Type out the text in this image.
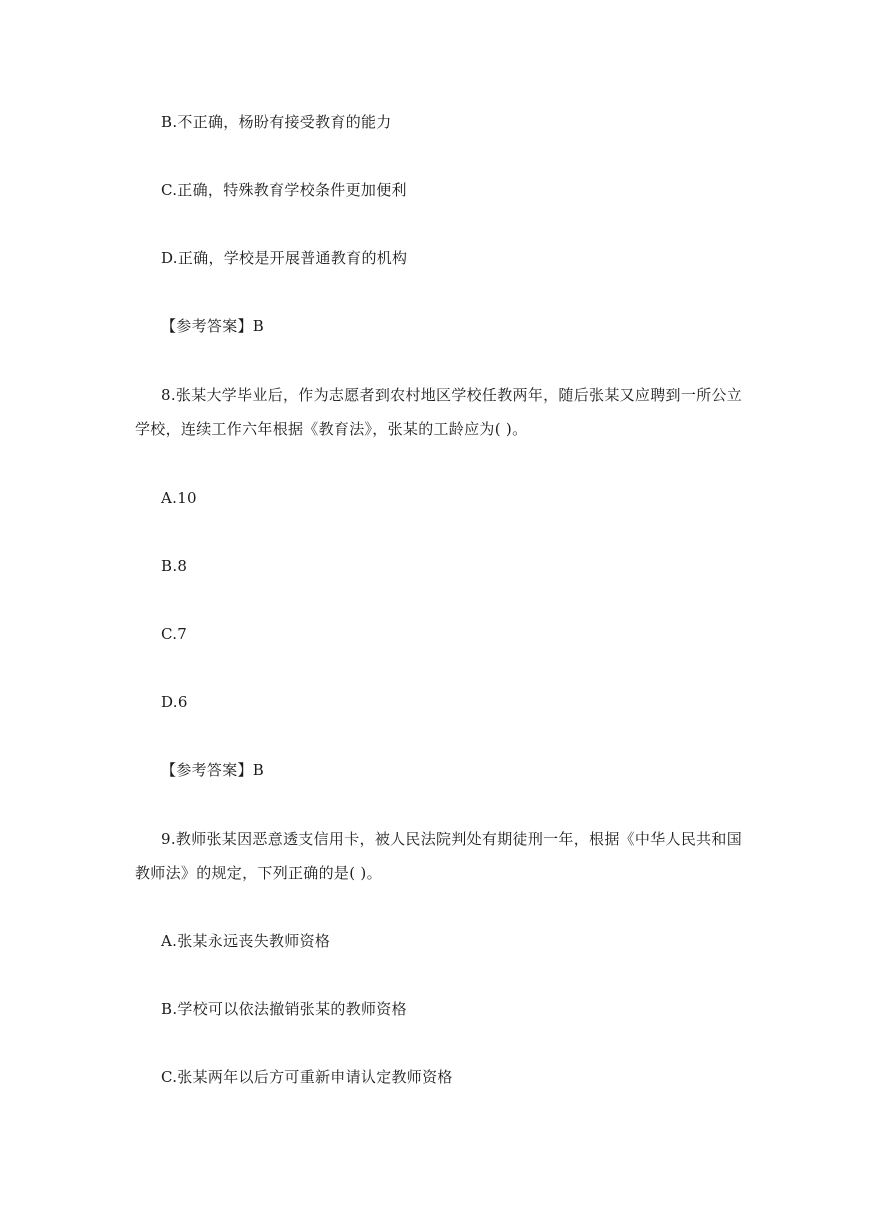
B.不正确，杨盼有接受教育的能力
C.正确，特殊教育学校条件更加便利
D.正确，学校是开展普通教育的机构
【参考答案】B
8.张某大学毕业后，作为志愿者到农村地区学校任教两年，随后张某又应聘到一所公立
学校，连续工作六年根据《教育法》，张某的工龄应为( )。
A.10
B.8
C.7
D.6
【参考答案】B
9.教师张某因恶意透支信用卡，被人民法院判处有期徒刑一年，根据《中华人民共和国
教师法》的规定，下列正确的是( )。
A.张某永远丧失教师资格
B.学校可以依法撤销张某的教师资格
C.张某两年以后方可重新申请认定教师资格
